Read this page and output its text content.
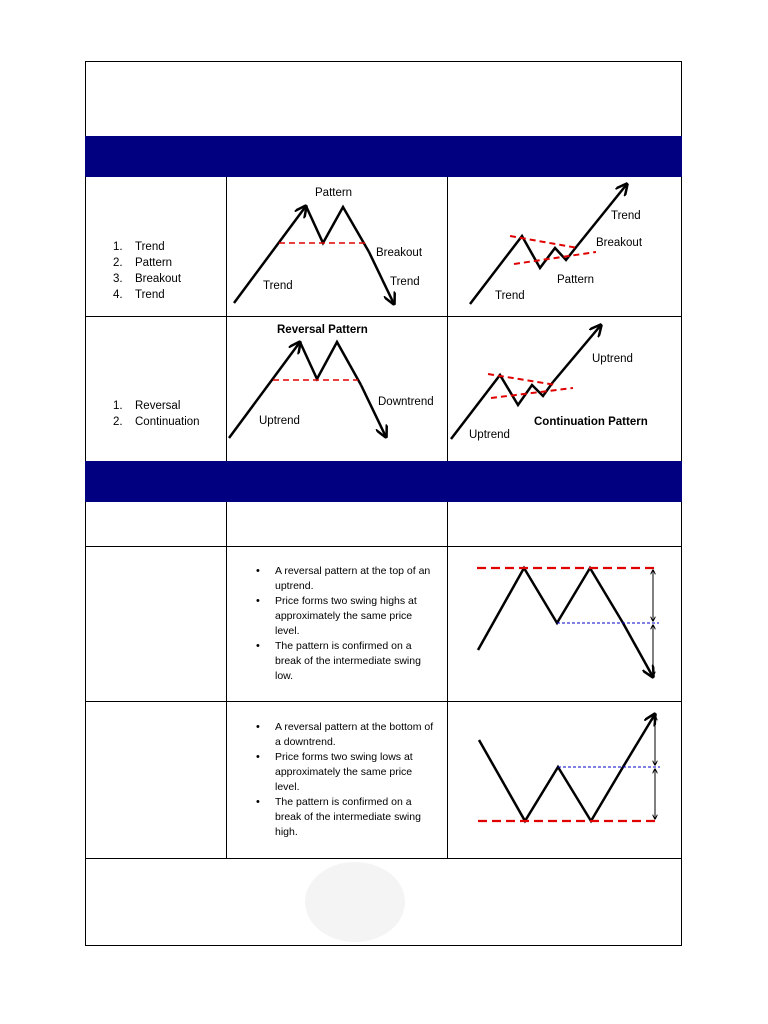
1. Trend
2. Pattern
3. Breakout
4. Trend
Pattern
Breakout
Trend	Trend
Trend
Breakout
Pattern
Trend
1. Reversal
2. Continuation
Reversal Pattern
Downtrend
Uptrend
Uptrend
Continuation Pattern
Uptrend
• A reversal pattern at the top of an uptrend.
• Price forms two swing highs at approximately the same price level.
• The pattern is confirmed on a break of the intermediate swing low.
• A reversal pattern at the bottom of a downtrend.
• Price forms two swing lows at approximately the same price level.
• The pattern is confirmed on a break of the intermediate swing high.
